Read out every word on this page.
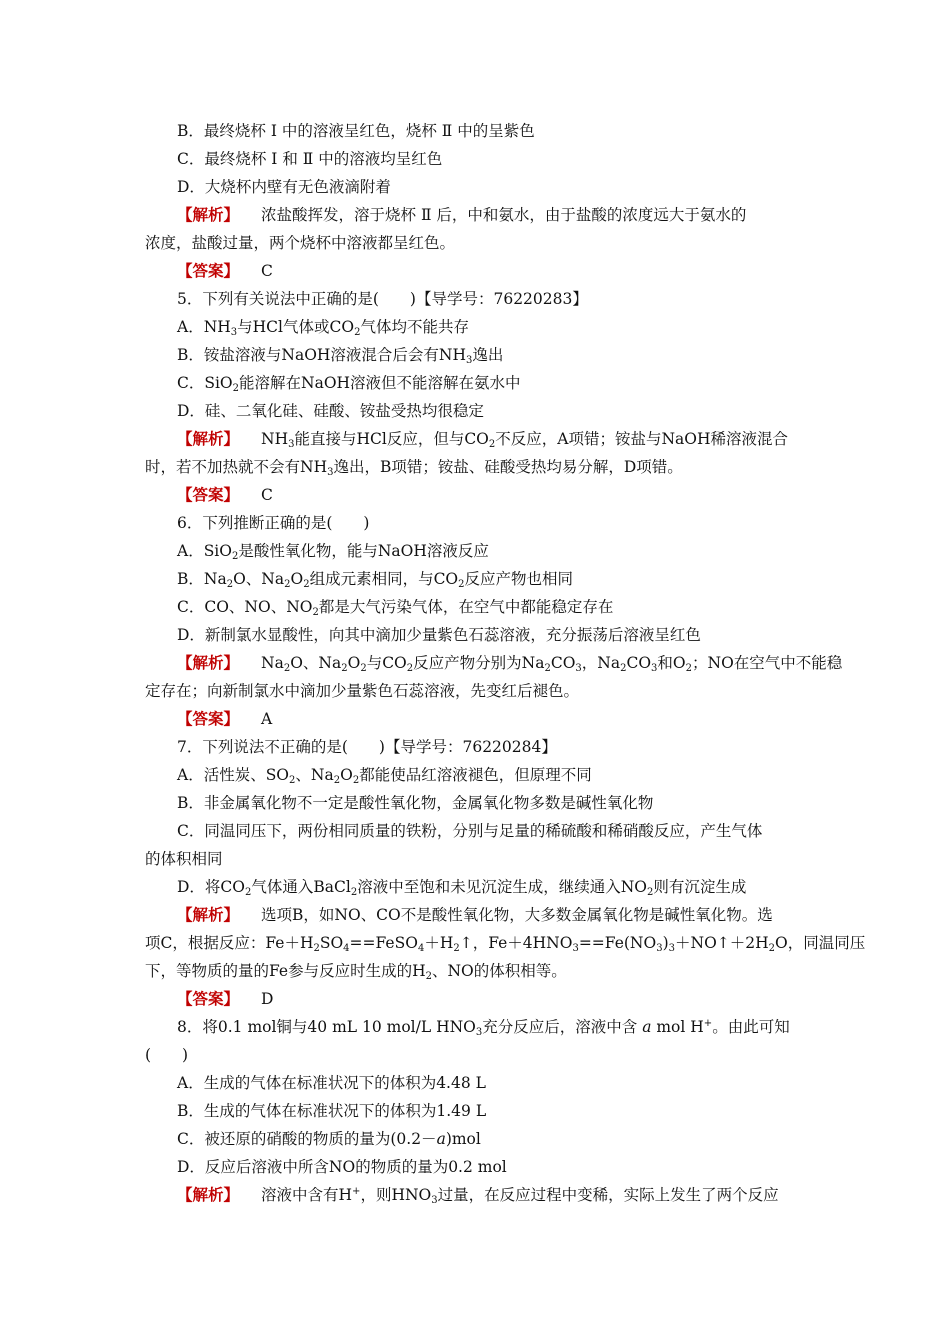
B．最终烧杯 Ⅰ 中的溶液呈红色，烧杯 Ⅱ 中的呈紫色
C．最终烧杯 Ⅰ 和 Ⅱ 中的溶液均呈红色
D．大烧杯内壁有无色液滴附着
【解析】 浓盐酸挥发，溶于烧杯 Ⅱ 后，中和氨水，由于盐酸的浓度远大于氨水的
浓度，盐酸过量，两个烧杯中溶液都呈红色。
【答案】 C
5．下列有关说法中正确的是(　　)【导学号：76220283】
A．$NH_3$与HCl气体或$CO_2$气体均不能共存
B．铵盐溶液与NaOH溶液混合后会有$NH_3$逸出
C．SiO$_2$能溶解在NaOH溶液但不能溶解在氨水中
D．硅、二氧化硅、硅酸、铵盐受热均很稳定
【解析】 $NH_3$能直接与HCl反应，但与$CO_2$不反应，A项错；铵盐与NaOH稀溶液混合
时，若不加热就不会有$NH_3$逸出，B项错；铵盐、硅酸受热均易分解，D项错。
【答案】 C
6．下列推断正确的是(　　)
A．SiO$_2$是酸性氧化物，能与NaOH溶液反应
B．$Na_2O$、$Na_2O_2$组成元素相同，与$CO_2$反应产物也相同
C．CO、NO、$NO_2$都是大气污染气体，在空气中都能稳定存在
D．新制氯水显酸性，向其中滴加少量紫色石蕊溶液，充分振荡后溶液呈红色
【解析】 $Na_2O$、$Na_2O_2$与$CO_2$反应产物分别为$Na_2CO_3$，$Na_2CO_3$和$O_2$；NO在空气中不能稳
定存在；向新制氯水中滴加少量紫色石蕊溶液，先变红后褪色。
【答案】 A
7．下列说法不正确的是(　　)【导学号：76220284】
A．活性炭、$SO_2$、$Na_2O_2$都能使品红溶液褪色，但原理不同
B．非金属氧化物不一定是酸性氧化物，金属氧化物多数是碱性氧化物
C．同温同压下，两份相同质量的铁粉，分别与足量的稀硫酸和稀硝酸反应，产生气体
的体积相同
D．将$CO_2$气体通入BaCl$_2$溶液中至饱和未见沉淀生成，继续通入$NO_2$则有沉淀生成
【解析】 选项B，如NO、CO不是酸性氧化物，大多数金属氧化物是碱性氧化物。选
项C，根据反应：$Fe+H_2SO_4==FeSO_4+H_2↑$，$Fe+4HNO_3==Fe(NO_3)_3+NO↑+2H_2O$，同温同压
下，等物质的量的Fe参与反应时生成的$H_2$、NO的体积相等。
【答案】 D
8．将0.1 mol铜与40 mL 10 mol/L $HNO_3$充分反应后，溶液中含 a mol H+。由此可知
(　　)
A．生成的气体在标准状况下的体积为4.48 L
B．生成的气体在标准状况下的体积为1.49 L
C．被还原的硝酸的物质的量为(0.2－a)mol
D．反应后溶液中所含NO的物质的量为0.2 mol
【解析】 溶液中含有H+，则$HNO_3$过量，在反应过程中变稀，实际上发生了两个反应
